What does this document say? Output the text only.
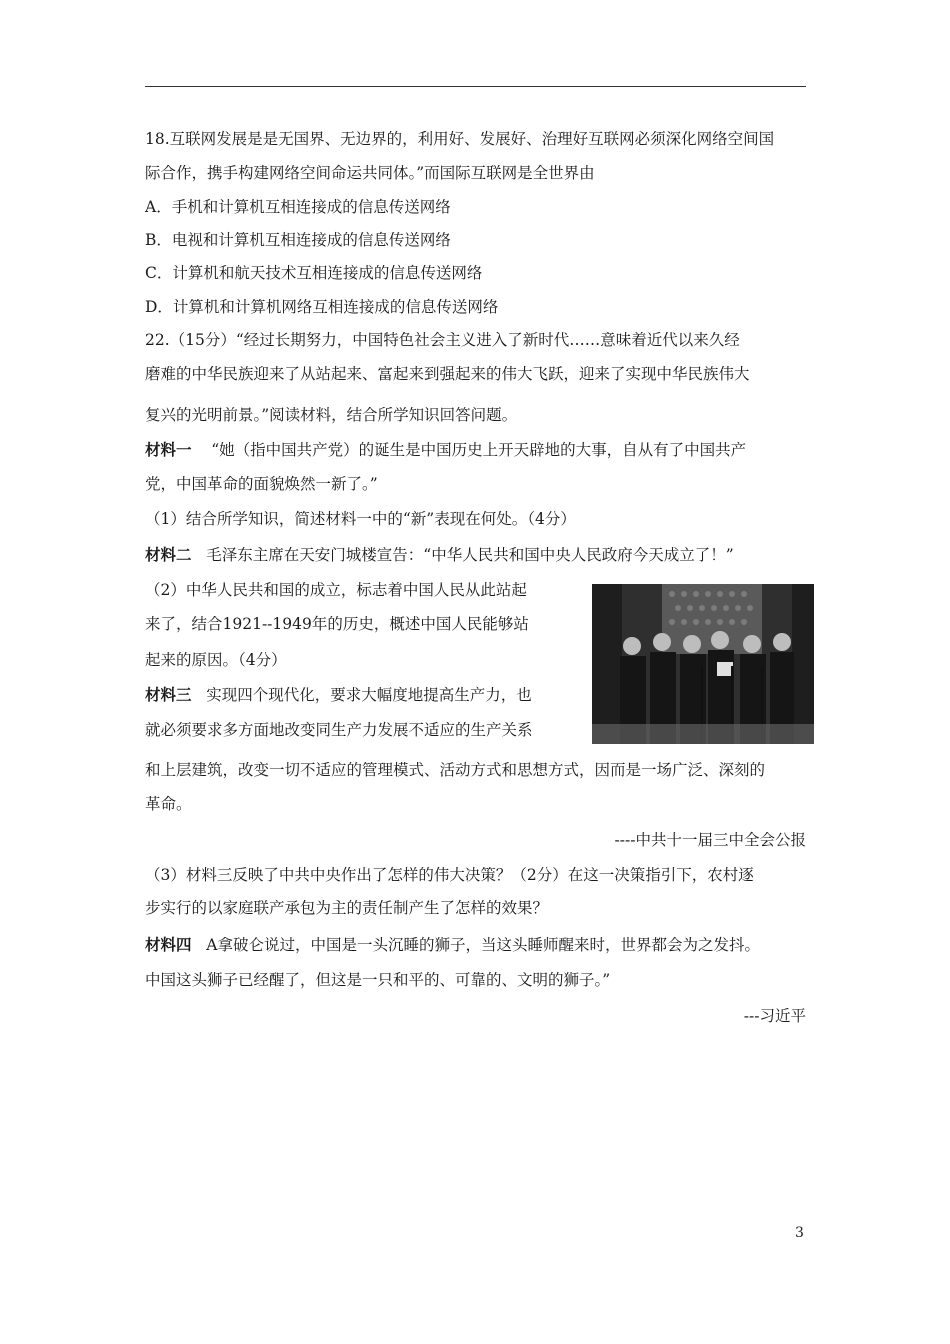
18.互联网发展是是无国界、无边界的，利用好、发展好、治理好互联网必须深化网络空间国
际合作，携手构建网络空间命运共同体。”而国际互联网是全世界由
A．手机和计算机互相连接成的信息传送网络
B．电视和计算机互相连接成的信息传送网络
C．计算机和航天技术互相连接成的信息传送网络
D．计算机和计算机网络互相连接成的信息传送网络
22.（15分）“经过长期努力，中国特色社会主义进入了新时代……意味着近代以来久经
磨难的中华民族迎来了从站起来、富起来到强起来的伟大飞跃，迎来了实现中华民族伟大
复兴的光明前景。”阅读材料，结合所学知识回答问题。
材料一 “她（指中国共产党）的诞生是中国历史上开天辟地的大事，自从有了中国共产
党，中国革命的面貌焕然一新了。”
（1）结合所学知识，简述材料一中的“新”表现在何处。（4分）
材料二 毛泽东主席在天安门城楼宣告：“中华人民共和国中央人民政府今天成立了！”
（2）中华人民共和国的成立，标志着中国人民从此站起
来了，结合1921--1949年的历史，概述中国人民能够站
起来的原因。（4分）
材料三 实现四个现代化，要求大幅度地提高生产力，也
就必须要求多方面地改变同生产力发展不适应的生产关系
和上层建筑，改变一切不适应的管理模式、活动方式和思想方式，因而是一场广泛、深刻的
革命。
----中共十一届三中全会公报
（3）材料三反映了中共中央作出了怎样的伟大决策？（2分）在这一决策指引下，农村逐
步实行的以家庭联产承包为主的责任制产生了怎样的效果？
材料四 A拿破仑说过，中国是一头沉睡的狮子，当这头睡师醒来时，世界都会为之发抖。
中国这头狮子已经醒了，但这是一只和平的、可靠的、文明的狮子。”
---习近平
3
